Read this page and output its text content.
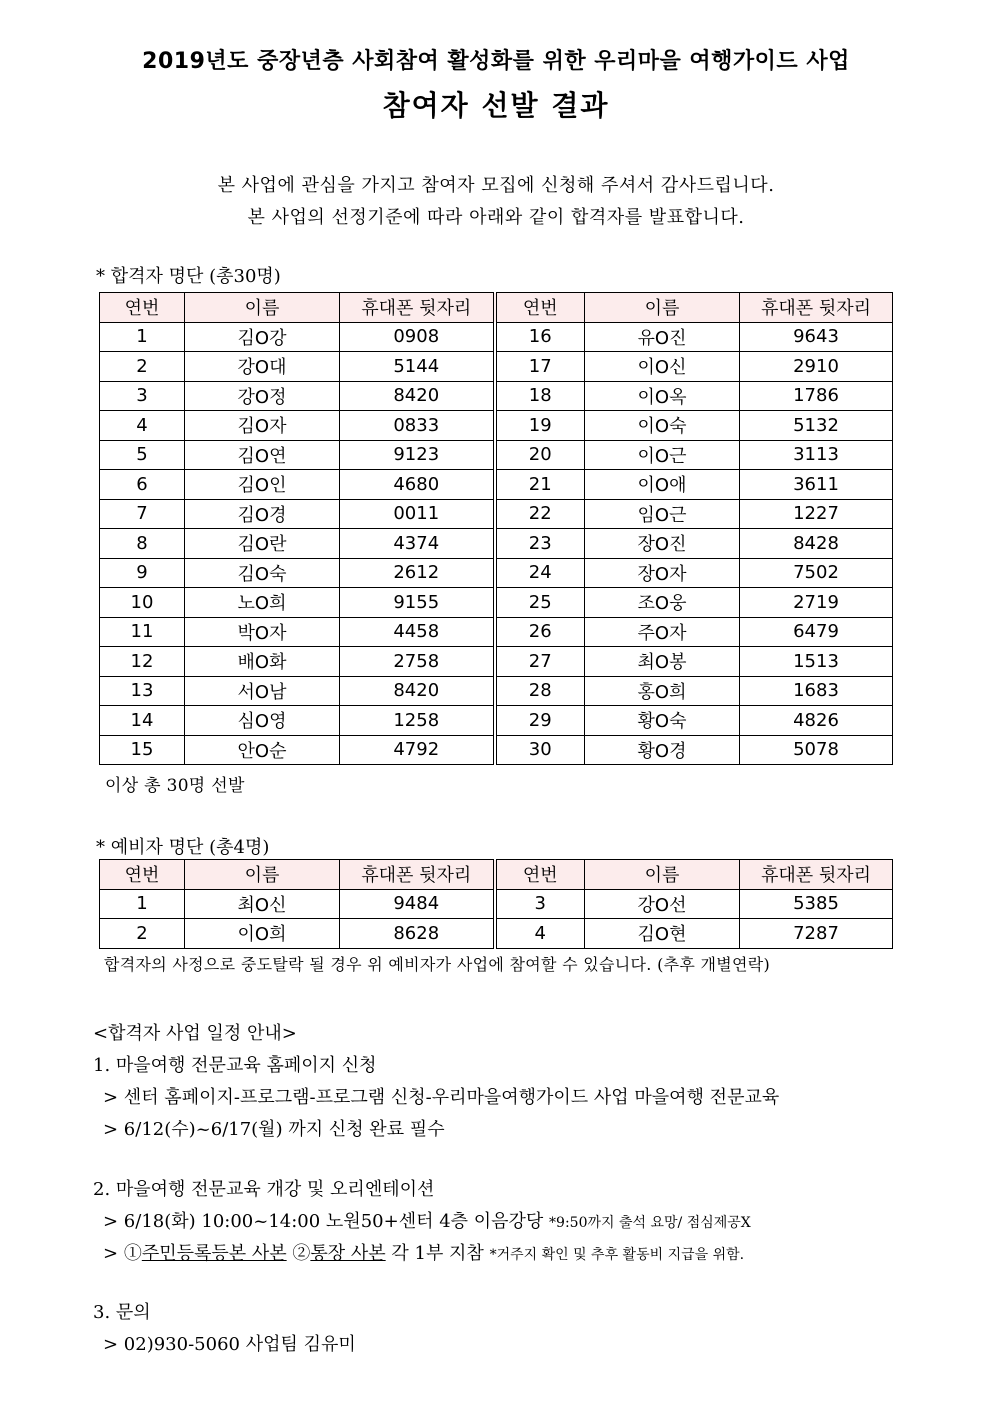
2019년도 중장년층 사회참여 활성화를 위한 우리마을 여행가이드 사업
참여자 선발 결과
본 사업에 관심을 가지고 참여자 모집에 신청해 주셔서 감사드립니다.
본 사업의 선정기준에 따라 아래와 같이 합격자를 발표합니다.
* 합격자 명단 (총30명)
연번	이름	휴대폰 뒷자리	연번	이름	휴대폰 뒷자리
1	김O강	0908	16	유O진	9643
2	강O대	5144	17	이O신	2910
3	강O정	8420	18	이O옥	1786
4	김O자	0833	19	이O숙	5132
5	김O연	9123	20	이O근	3113
6	김O인	4680	21	이O애	3611
7	김O경	0011	22	임O근	1227
8	김O란	4374	23	장O진	8428
9	김O숙	2612	24	장O자	7502
10	노O희	9155	25	조O웅	2719
11	박O자	4458	26	주O자	6479
12	배O화	2758	27	최O봉	1513
13	서O남	8420	28	홍O희	1683
14	심O영	1258	29	황O숙	4826
15	안O순	4792	30	황O경	5078
이상 총 30명 선발
* 예비자 명단 (총4명)
연번	이름	휴대폰 뒷자리	연번	이름	휴대폰 뒷자리
1	최O신	9484	3	강O선	5385
2	이O희	8628	4	김O현	7287
합격자의 사정으로 중도탈락 될 경우 위 예비자가 사업에 참여할 수 있습니다. (추후 개별연락)
<합격자 사업 일정 안내>
1. 마을여행 전문교육 홈페이지 신청
> 센터 홈페이지-프로그램-프로그램 신청-우리마을여행가이드 사업 마을여행 전문교육
> 6/12(수)~6/17(월) 까지 신청 완료 필수
2. 마을여행 전문교육 개강 및 오리엔테이션
> 6/18(화) 10:00~14:00 노원50+센터 4층 이음강당 *9:50까지 출석 요망/ 점심제공X
> ①주민등록등본 사본 ②통장 사본 각 1부 지참 *거주지 확인 및 추후 활동비 지급을 위함.
3. 문의
> 02)930-5060 사업팀 김유미
